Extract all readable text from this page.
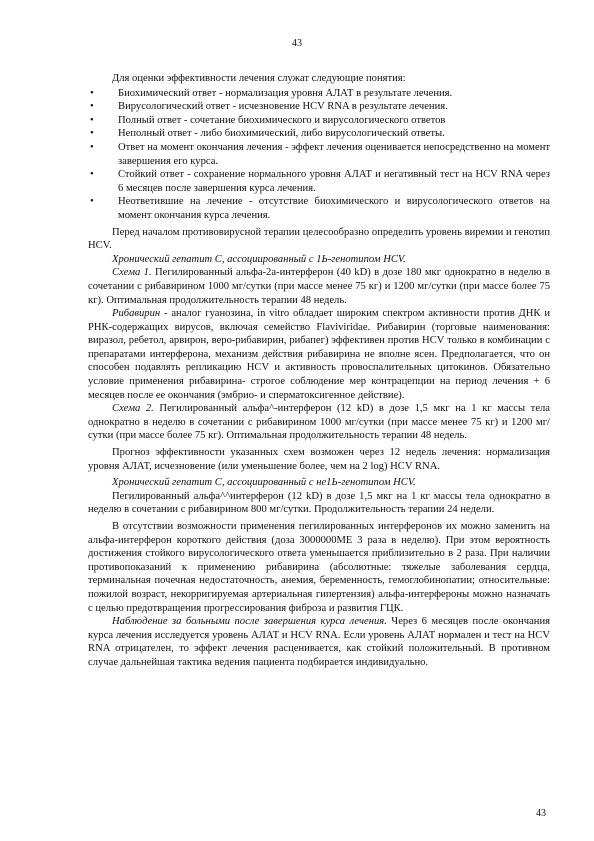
43

Для оценки эффективности лечения служат следующие понятия:

• Биохимический ответ - нормализация уровня АЛАТ в результате лечения.
• Вирусологический ответ - исчезновение HCV RNA в результате лечения.
• Полный ответ - сочетание биохимического и вирусологического ответов
• Неполный ответ - либо биохимический, либо вирусологический ответы.
• Ответ на момент окончания лечения - эффект лечения оценивается непосредственно на момент завершения его курса.
• Стойкий ответ - сохранение нормального уровня АЛАТ и негативный тест на HCV RNA через 6 месяцев после завершения курса лечения.
• Неответившие на лечение - отсутствие биохимического и вирусологического ответов на момент окончания курса лечения.

Перед началом противовирусной терапии целесообразно определить уровень виремии и генотип HCV.

Хронический гепатит С, ассоциированный с 1Ь-генотипом HCV.

Схема 1. Пегилированный альфа-2а-интерферон (40 kD) в дозе 180 мкг однократно в неделю в сочетании с рибавирином 1000 мг/сутки (при массе менее 75 кг) и 1200 мг/сутки (при массе более 75 кг). Оптимальная продолжительность терапии 48 недель.

Рибавирин - аналог гуанозина, in vitro обладает широким спектром активности против ДНК и РНК-содержащих вирусов, включая семейство Flaviviridae. Рибавирин (торговые наименования: виразол, ребетол, арвирон, веро-рибавирин, рибапег) эффективен против HCV только в комбинации с препаратами интерферона, механизм действия рибавирина не вполне ясен. Предполагается, что он способен подавлять репликацию HCV и активность провоспалительных цитокинов. Обязательно условие применения рибавирина- строгое соблюдение мер контрацепции на период лечения + 6 месяцев после ее окончания (эмбрио- и сперматоксигенное действие).

Схема 2. Пегилированный альфа^-интерферон (12 kD) в дозе 1,5 мкг на 1 кг массы тела однократно в неделю в сочетании с рибавирином 1000 мг/сутки (при массе менее 75 кг) и 1200 мг/сутки (при массе более 75 кг). Оптимальная продолжительность терапии 48 недель.

Прогноз эффективности указанных схем возможен через 12 недель лечения: нормализация уровня АЛАТ, исчезновение (или уменьшение более, чем на 2 log) HCV RNA.

Хронический гепатит С, ассоциированный с не1Ь-генотипом HCV.

Пегилированный альфа^^интерферон (12 kD) в дозе 1,5 мкг на 1 кг массы тела однократно в неделю в сочетании с рибавирином 800 мг/сутки. Продолжительность терапии 24 недели.

В отсутствии возможности применения пегилированных интерферонов их можно заменить на альфа-интерферон короткого действия (доза 3000000МЕ 3 раза в неделю). При этом вероятность достижения стойкого вирусологического ответа уменьшается приблизительно в 2 раза. При наличии противопоказаний к применению рибавирина (абсолютные: тяжелые заболевания сердца, терминальная почечная недостаточность, анемия, беременность, гемоглобинопатии; относительные: пожилой возраст, некорригируемая артериальная гипертензия) альфа-интерфероны можно назначать с целью предотвращения прогрессирования фиброза и развития ГЦК.

Наблюдение за больными после завершения курса лечения. Через 6 месяцев после окончания курса лечения исследуется уровень АЛАТ и HCV RNA. Если уровень АЛАТ нормален и тест на HCV RNA отрицателен, то эффект лечения расценивается, как стойкий положительный. В противном случае дальнейшая тактика ведения пациента подбирается индивидуально.

43
